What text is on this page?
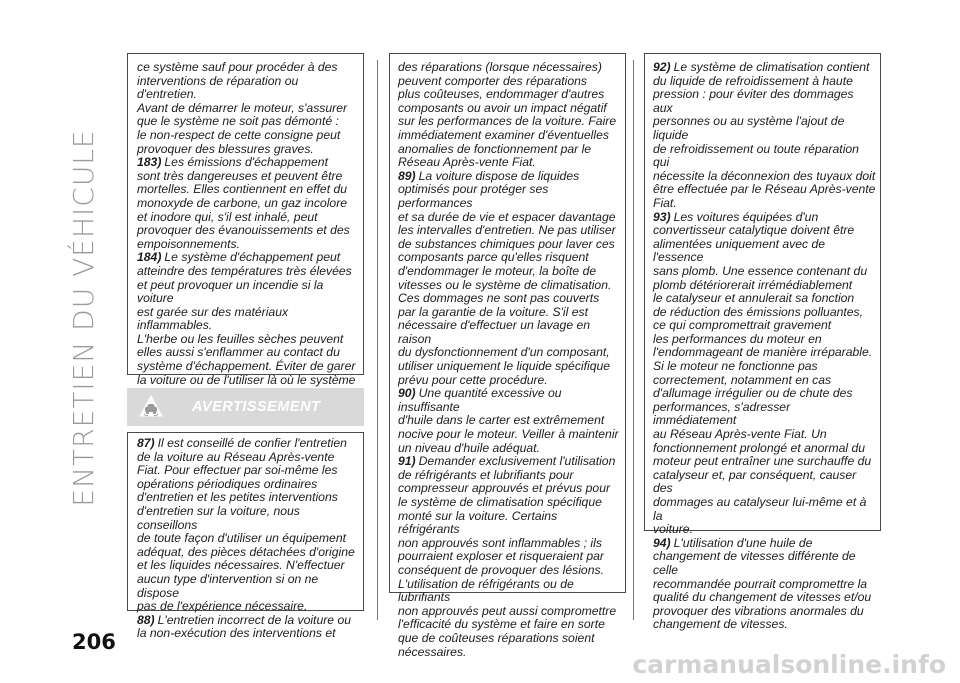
ENTRETIEN DU VÉHICULE

ce système sauf pour procéder à des
interventions de réparation ou d'entretien.
Avant de démarrer le moteur, s'assurer
que le système ne soit pas démonté :
le non-respect de cette consigne peut
provoquer des blessures graves.

183) Les émissions d'échappement
sont très dangereuses et peuvent être
mortelles. Elles contiennent en effet du
monoxyde de carbone, un gaz incolore
et inodore qui, s'il est inhalé, peut
provoquer des évanouissements et des
empoisonnements.

184) Le système d'échappement peut
atteindre des températures très élevées
et peut provoquer un incendie si la voiture
est garée sur des matériaux inflammables.
L'herbe ou les feuilles sèches peuvent
elles aussi s'enflammer au contact du
système d'échappement. Éviter de garer
la voiture ou de l'utiliser là où le système

AVERTISSEMENT

87) Il est conseillé de confier l'entretien
de la voiture au Réseau Après-vente
Fiat. Pour effectuer par soi-même les
opérations périodiques ordinaires
d'entretien et les petites interventions
d'entretien sur la voiture, nous conseillons
de toute façon d'utiliser un équipement
adéquat, des pièces détachées d'origine
et les liquides nécessaires. N'effectuer
aucun type d'intervention si on ne dispose
pas de l'expérience nécessaire.

88) L'entretien incorrect de la voiture ou
la non-exécution des interventions et

des réparations (lorsque nécessaires)
peuvent comporter des réparations
plus coûteuses, endommager d'autres
composants ou avoir un impact négatif
sur les performances de la voiture. Faire
immédiatement examiner d'éventuelles
anomalies de fonctionnement par le
Réseau Après-vente Fiat.

89) La voiture dispose de liquides
optimisés pour protéger ses performances
et sa durée de vie et espacer davantage
les intervalles d'entretien. Ne pas utiliser
de substances chimiques pour laver ces
composants parce qu'elles risquent
d'endommager le moteur, la boîte de
vitesses ou le système de climatisation.
Ces dommages ne sont pas couverts
par la garantie de la voiture. S'il est
nécessaire d'effectuer un lavage en raison
du dysfonctionnement d'un composant,
utiliser uniquement le liquide spécifique
prévu pour cette procédure.

90) Une quantité excessive ou insuffisante
d'huile dans le carter est extrêmement
nocive pour le moteur. Veiller à maintenir
un niveau d'huile adéquat.

91) Demander exclusivement l'utilisation
de réfrigérants et lubrifiants pour
compresseur approuvés et prévus pour
le système de climatisation spécifique
monté sur la voiture. Certains réfrigérants
non approuvés sont inflammables ; ils
pourraient exploser et risqueraient par
conséquent de provoquer des lésions.
L'utilisation de réfrigérants ou de lubrifiants
non approuvés peut aussi compromettre
l'efficacité du système et faire en sorte
que de coûteuses réparations soient
nécessaires.

92) Le système de climatisation contient
du liquide de refroidissement à haute
pression : pour éviter des dommages aux
personnes ou au système l'ajout de liquide
de refroidissement ou toute réparation qui
nécessite la déconnexion des tuyaux doit
être effectuée par le Réseau Après-vente
Fiat.

93) Les voitures équipées d'un
convertisseur catalytique doivent être
alimentées uniquement avec de l'essence
sans plomb. Une essence contenant du
plomb détériorerait irrémédiablement
le catalyseur et annulerait sa fonction
de réduction des émissions polluantes,
ce qui compromettrait gravement
les performances du moteur en
l'endommageant de manière irréparable.
Si le moteur ne fonctionne pas
correctement, notamment en cas
d'allumage irrégulier ou de chute des
performances, s'adresser immédiatement
au Réseau Après-vente Fiat. Un
fonctionnement prolongé et anormal du
moteur peut entraîner une surchauffe du
catalyseur et, par conséquent, causer des
dommages au catalyseur lui-même et à la
voiture.

94) L'utilisation d'une huile de
changement de vitesses différente de celle
recommandée pourrait compromettre la
qualité du changement de vitesses et/ou
provoquer des vibrations anormales du
changement de vitesses.

206
carmanualsonline.info
